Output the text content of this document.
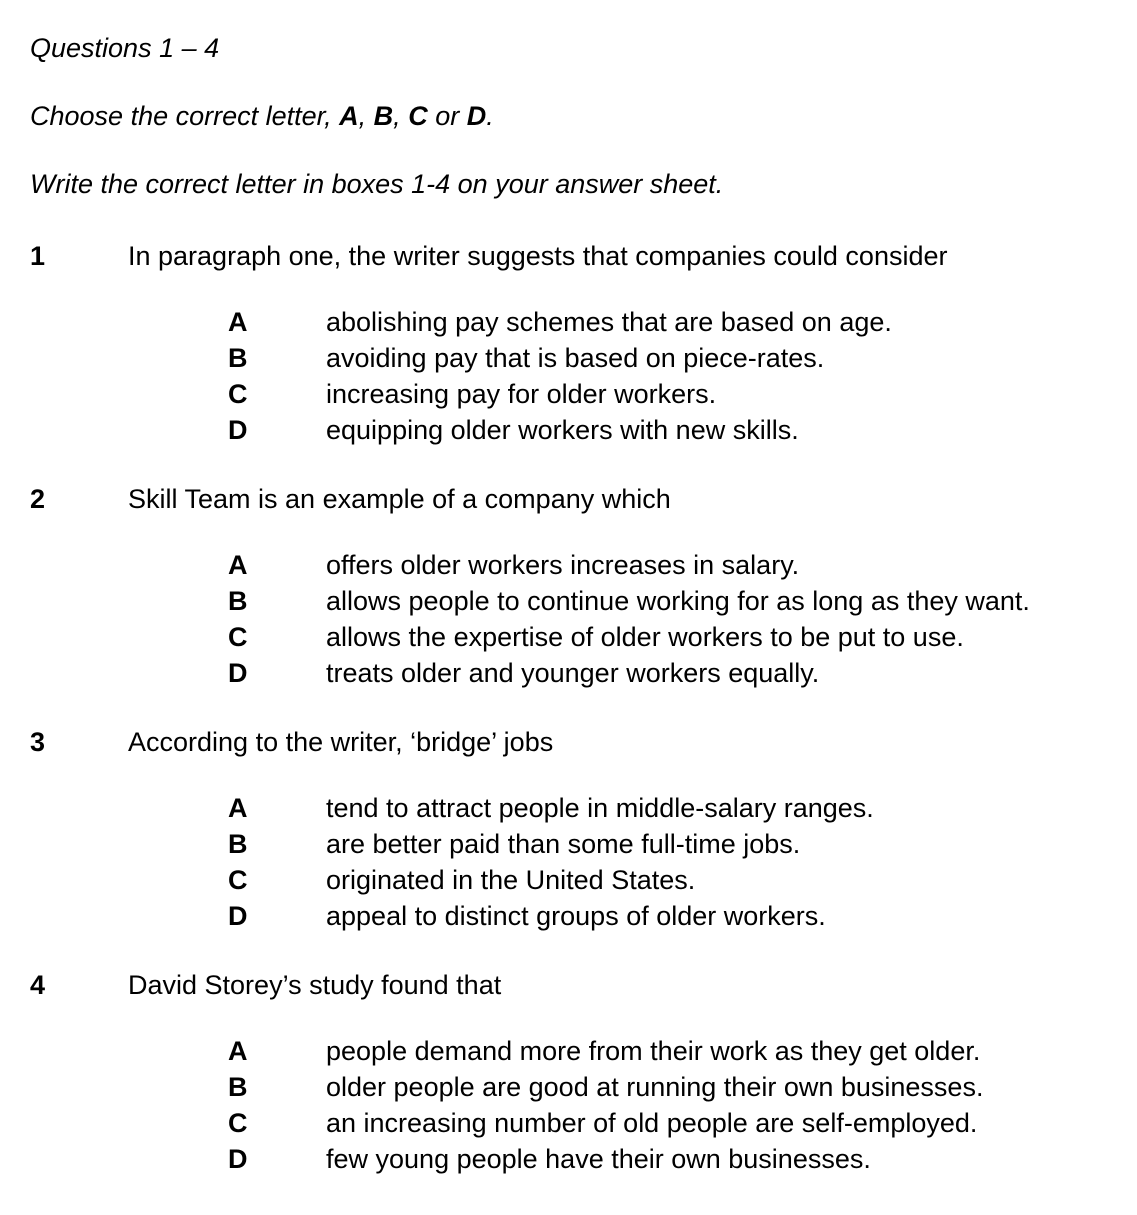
Questions 1 – 4

Choose the correct letter, A, B, C or D.

Write the correct letter in boxes 1-4 on your answer sheet.

1	In paragraph one, the writer suggests that companies could consider
A	abolishing pay schemes that are based on age.
B	avoiding pay that is based on piece-rates.
C	increasing pay for older workers.
D	equipping older workers with new skills.
2	Skill Team is an example of a company which
A	offers older workers increases in salary.
B	allows people to continue working for as long as they want.
C	allows the expertise of older workers to be put to use.
D	treats older and younger workers equally.
3	According to the writer, ‘bridge’ jobs
A	tend to attract people in middle-salary ranges.
B	are better paid than some full-time jobs.
C	originated in the United States.
D	appeal to distinct groups of older workers.
4	David Storey’s study found that
A	people demand more from their work as they get older.
B	older people are good at running their own businesses.
C	an increasing number of old people are self-employed.
D	few young people have their own businesses.
